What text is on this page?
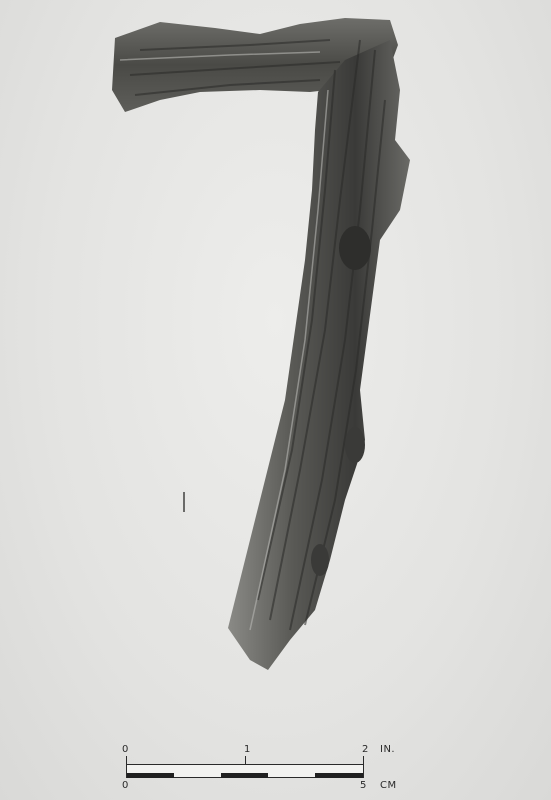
0	1	2 IN.
0	5 CM
